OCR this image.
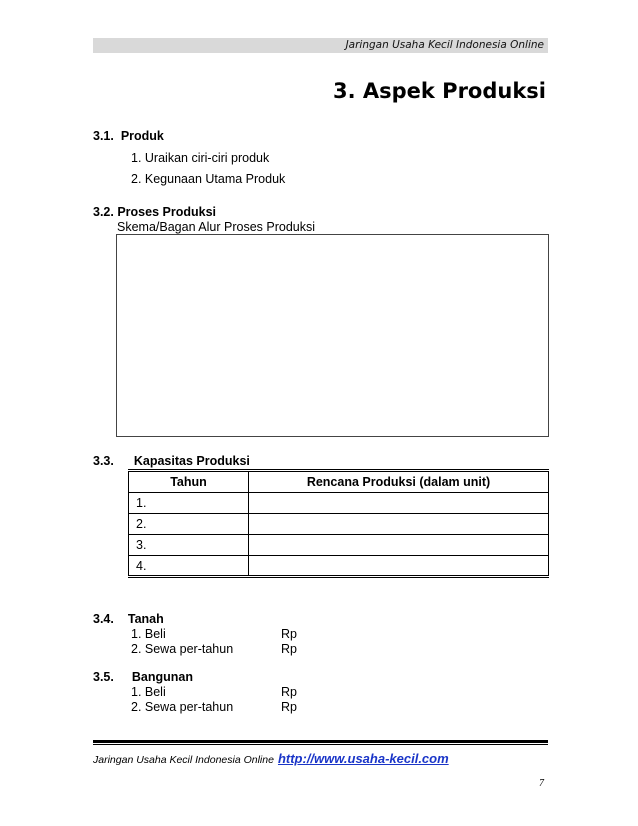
Jaringan Usaha Kecil Indonesia Online
3. Aspek Produksi
3.1. Produk
1. Uraikan ciri-ciri produk
2. Kegunaan Utama Produk
3.2. Proses Produksi
Skema/Bagan Alur Proses Produksi
3.3. Kapasitas Produksi
Tahun	Rencana Produksi (dalam unit)
1.	
2.	
3.	
4.	
3.4. Tanah
1. Beli	Rp
2. Sewa per-tahun	Rp
3.5. Bangunan
1. Beli	Rp
2. Sewa per-tahun	Rp
Jaringan Usaha Kecil Indonesia Online http://www.usaha-kecil.com
7
